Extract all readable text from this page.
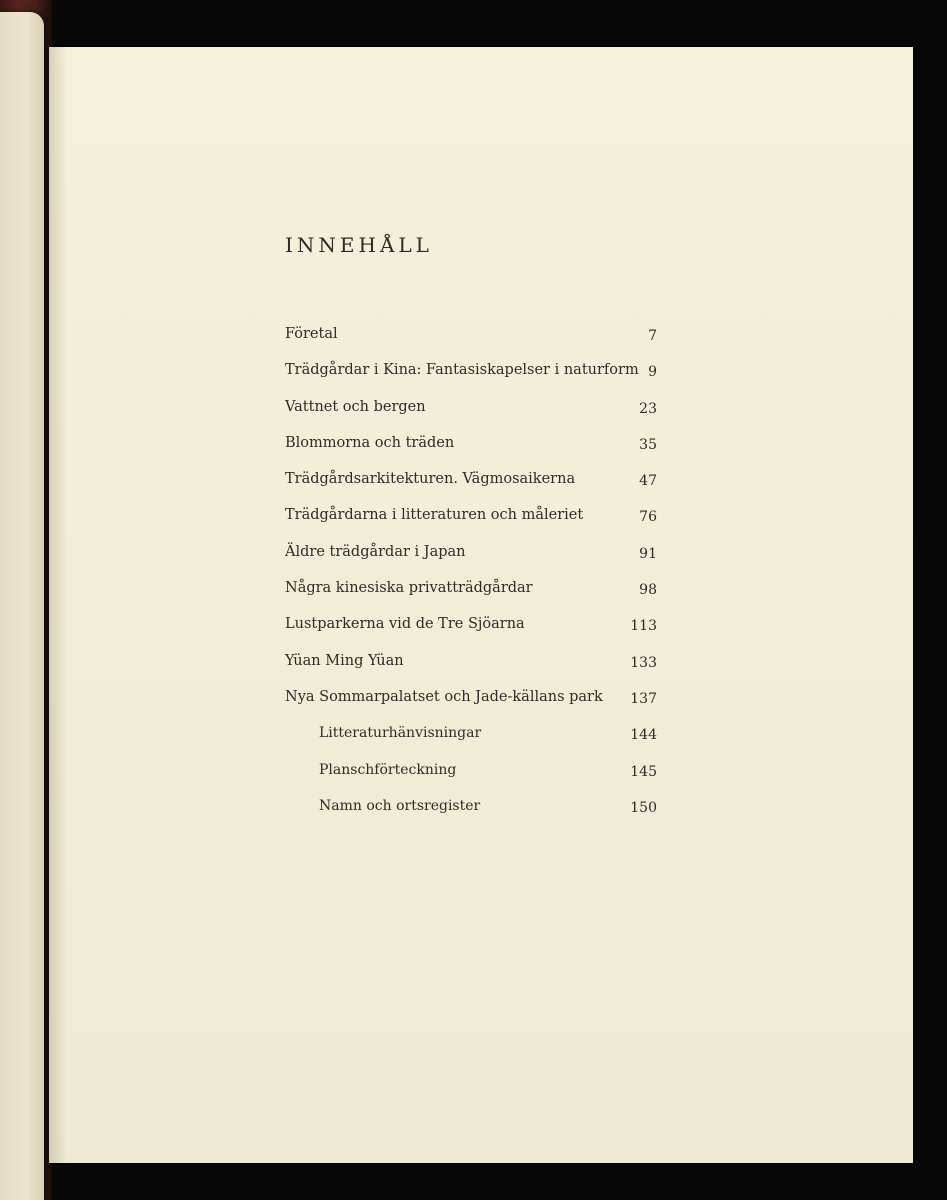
INNEHÅLL
Företal	7
Trädgårdar i Kina: Fantasiskapelser i naturform 9
Vattnet och bergen	23
Blommorna och träden	35
Trädgårdsarkitekturen. Vägmosaikerna	47
Trädgårdarna i litteraturen och måleriet	76
Äldre trädgårdar i Japan	91
Några kinesiska privatträdgårdar	98
Lustparkerna vid de Tre Sjöarna	113
Yüan Ming Yüan	133
Nya Sommarpalatset och Jade-källans park 137
Litteraturhänvisningar	144
Planschförteckning	145
Namn och ortsregister	150
